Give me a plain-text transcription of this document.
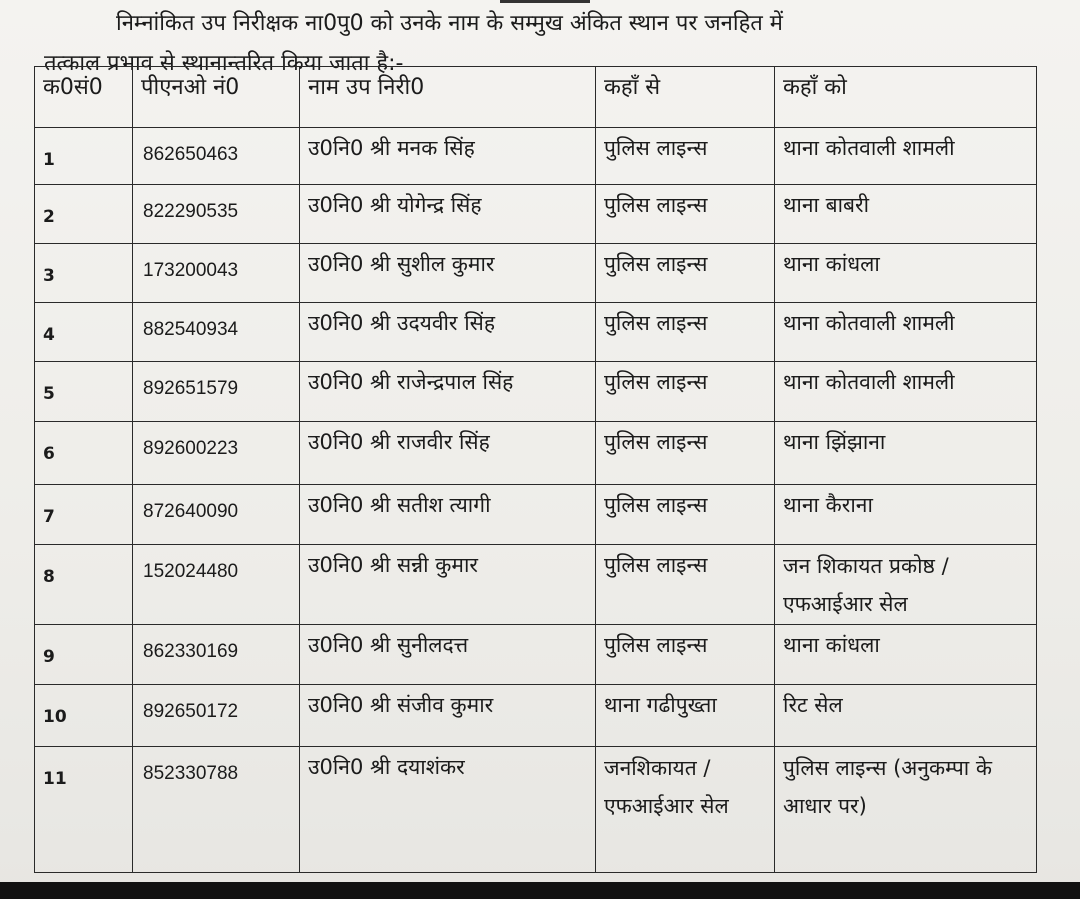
निम्नांकित उप निरीक्षक ना0पु0 को उनके नाम के सम्मुख अंकित स्थान पर जनहित में
तत्काल प्रभाव से स्थानान्तरित किया जाता है:-
क0सं0	पीएनओ नं0	नाम उप निरी0	कहाँ से	कहाँ को
1	862650463	उ0नि0 श्री मनक सिंह	पुलिस लाइन्स	थाना कोतवाली शामली
2	822290535	उ0नि0 श्री योगेन्द्र सिंह	पुलिस लाइन्स	थाना बाबरी
3	173200043	उ0नि0 श्री सुशील कुमार	पुलिस लाइन्स	थाना कांधला
4	882540934	उ0नि0 श्री उदयवीर सिंह	पुलिस लाइन्स	थाना कोतवाली शामली
5	892651579	उ0नि0 श्री राजेन्द्रपाल सिंह	पुलिस लाइन्स	थाना कोतवाली शामली
6	892600223	उ0नि0 श्री राजवीर सिंह	पुलिस लाइन्स	थाना झिंझाना
7	872640090	उ0नि0 श्री सतीश त्यागी	पुलिस लाइन्स	थाना कैराना
8	152024480	उ0नि0 श्री सन्नी कुमार	पुलिस लाइन्स	जन शिकायत प्रकोष्ठ /एफआईआर सेल
9	862330169	उ0नि0 श्री सुनीलदत्त	पुलिस लाइन्स	थाना कांधला
10	892650172	उ0नि0 श्री संजीव कुमार	थाना गढीपुख्ता	रिट सेल
11	852330788	उ0नि0 श्री दयाशंकर	जनशिकायत /एफआईआर सेल	पुलिस लाइन्स (अनुकम्पा के आधार पर)
